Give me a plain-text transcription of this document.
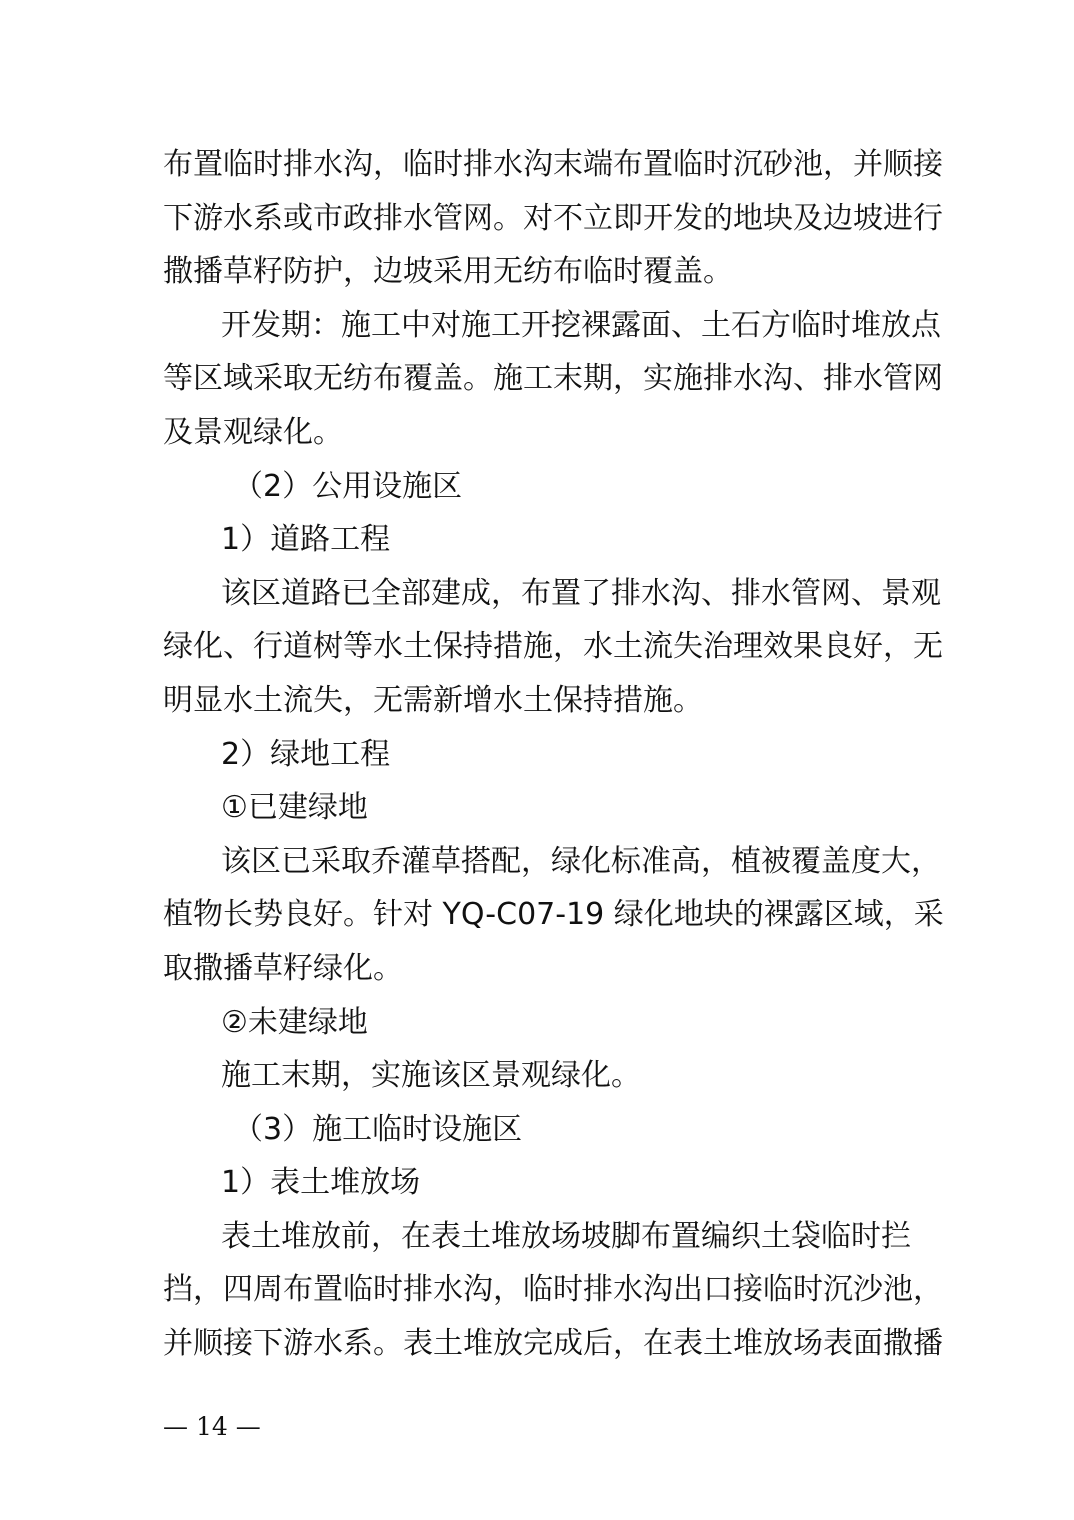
布置临时排水沟，临时排水沟末端布置临时沉砂池，并顺接
下游水系或市政排水管网。对不立即开发的地块及边坡进行
撒播草籽防护，边坡采用无纺布临时覆盖。
开发期：施工中对施工开挖裸露面、土石方临时堆放点
等区域采取无纺布覆盖。施工末期，实施排水沟、排水管网
及景观绿化。
（2）公用设施区
1）道路工程
该区道路已全部建成，布置了排水沟、排水管网、景观
绿化、行道树等水土保持措施，水土流失治理效果良好，无
明显水土流失，无需新增水土保持措施。
2）绿地工程
①已建绿地
该区已采取乔灌草搭配，绿化标准高，植被覆盖度大，
植物长势良好。针对 YQ-C07-19 绿化地块的裸露区域，采
取撒播草籽绿化。
②未建绿地
施工末期，实施该区景观绿化。
（3）施工临时设施区
1）表土堆放场
表土堆放前，在表土堆放场坡脚布置编织土袋临时拦
挡，四周布置临时排水沟，临时排水沟出口接临时沉沙池，
并顺接下游水系。表土堆放完成后，在表土堆放场表面撒播
— 14 —
